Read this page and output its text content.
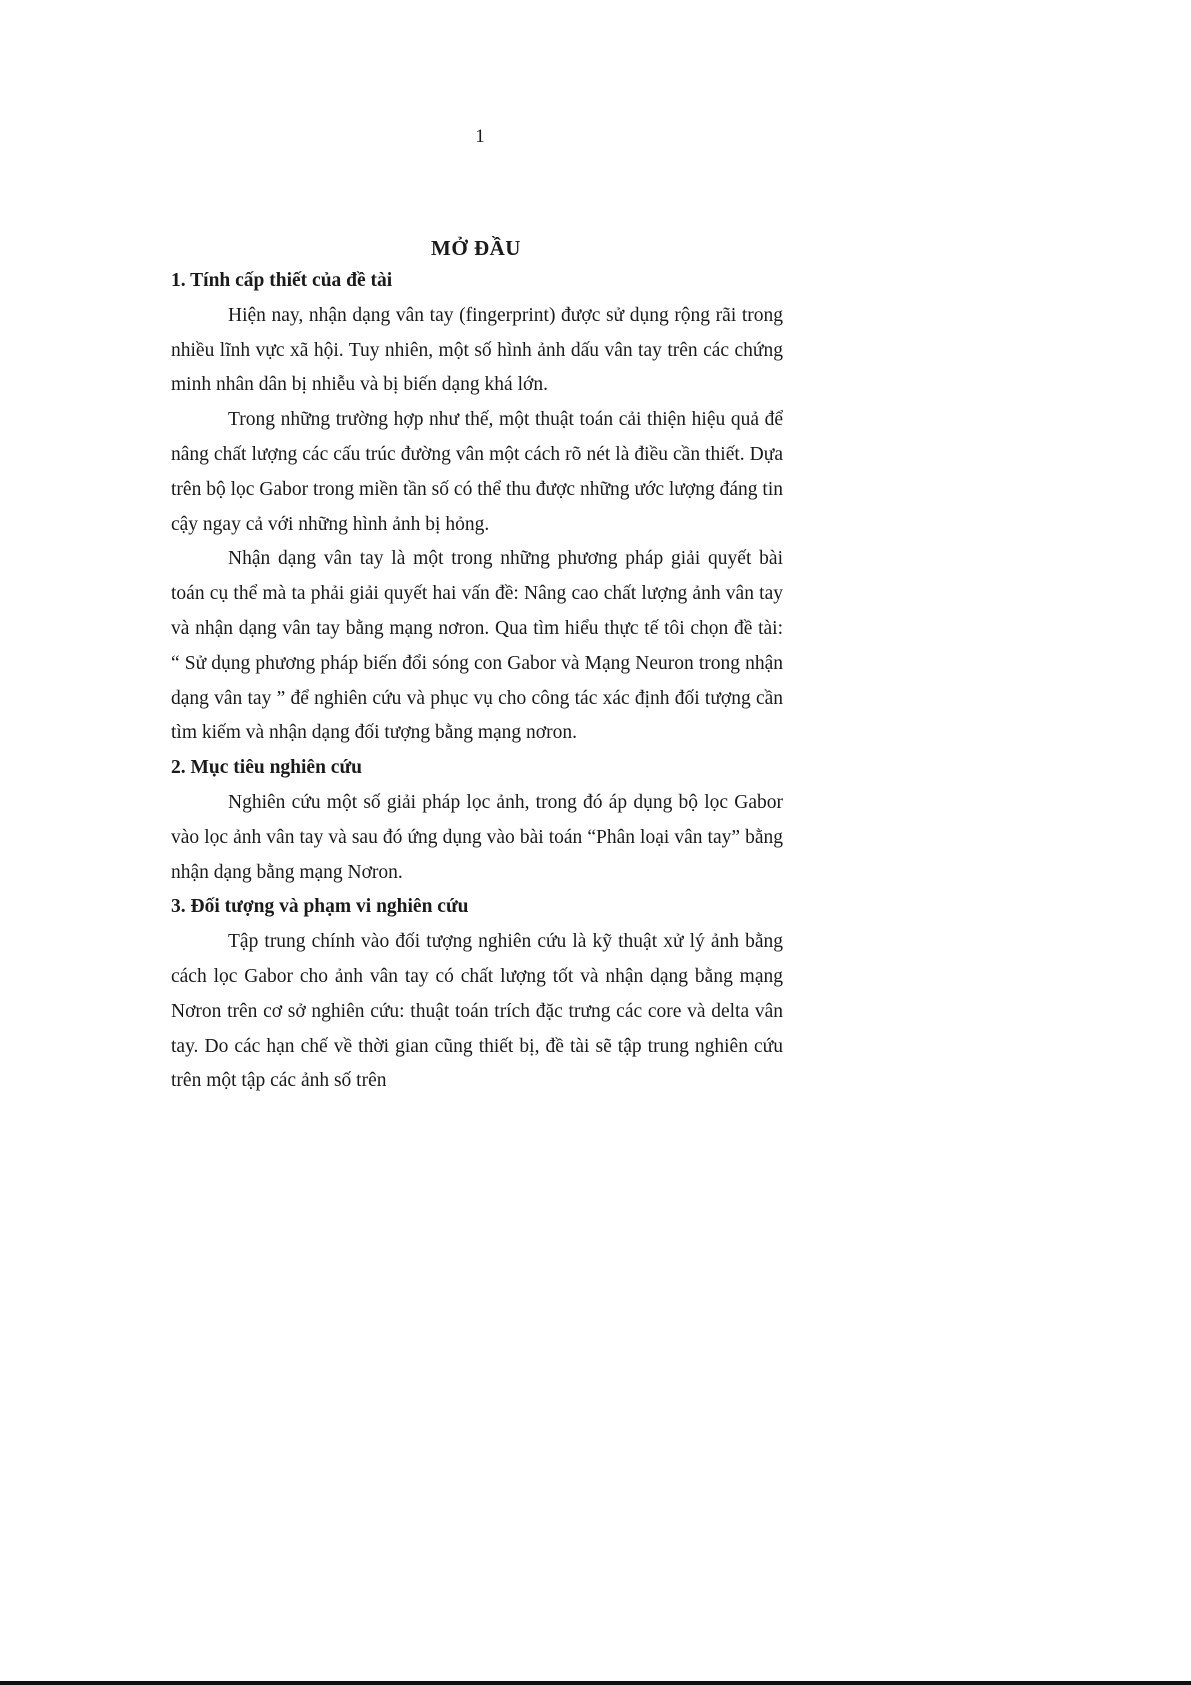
1
MỞ ĐẦU

1. Tính cấp thiết của đề tài

Hiện nay, nhận dạng vân tay (fingerprint) được sử dụng rộng rãi trong nhiều lĩnh vực xã hội. Tuy nhiên, một số hình ảnh dấu vân tay trên các chứng minh nhân dân bị nhiễu và bị biến dạng khá lớn.

Trong những trường hợp như thế, một thuật toán cải thiện hiệu quả để nâng chất lượng các cấu trúc đường vân một cách rõ nét là điều cần thiết. Dựa trên bộ lọc Gabor trong miền tần số có thể thu được những ước lượng đáng tin cậy ngay cả với những hình ảnh bị hỏng.

Nhận dạng vân tay là một trong những phương pháp giải quyết bài toán cụ thể mà ta phải giải quyết hai vấn đề: Nâng cao chất lượng ảnh vân tay và nhận dạng vân tay bằng mạng nơron. Qua tìm hiểu thực tế tôi chọn đề tài: “ Sử dụng phương pháp biến đổi sóng con Gabor và Mạng Neuron trong nhận dạng vân tay ” để nghiên cứu và phục vụ cho công tác xác định đối tượng cần tìm kiếm và nhận dạng đối tượng bằng mạng nơron.

2. Mục tiêu nghiên cứu

Nghiên cứu một số giải pháp lọc ảnh, trong đó áp dụng bộ lọc Gabor vào lọc ảnh vân tay và sau đó ứng dụng vào bài toán “Phân loại vân tay” bằng nhận dạng bằng mạng Nơron.

3. Đối tượng và phạm vi nghiên cứu

Tập trung chính vào đối tượng nghiên cứu là kỹ thuật xử lý ảnh bằng cách lọc Gabor cho ảnh vân tay có chất lượng tốt và nhận dạng bằng mạng Nơron trên cơ sở nghiên cứu: thuật toán trích đặc trưng các core và delta vân tay. Do các hạn chế về thời gian cũng thiết bị, đề tài sẽ tập trung nghiên cứu trên một tập các ảnh số trên
